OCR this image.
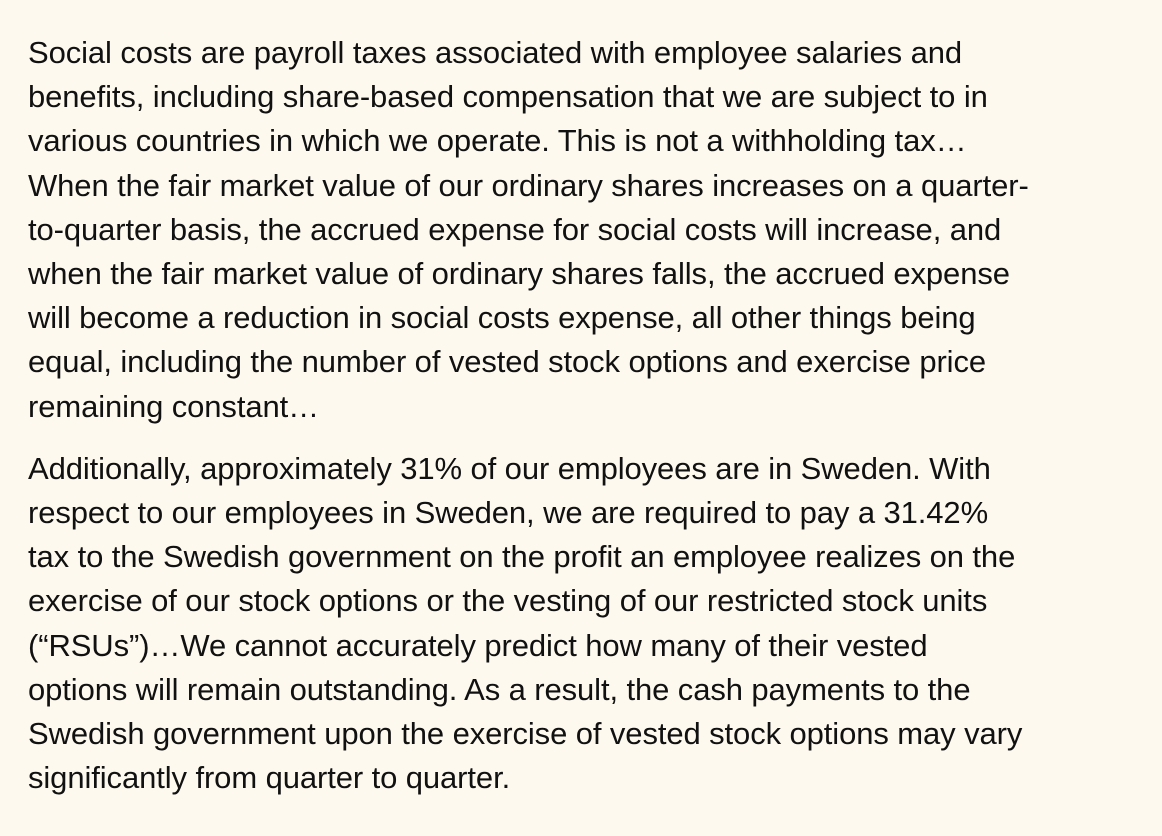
Social costs are payroll taxes associated with employee salaries and
benefits, including share-based compensation that we are subject to in
various countries in which we operate. This is not a withholding tax…
When the fair market value of our ordinary shares increases on a quarter-
to-quarter basis, the accrued expense for social costs will increase, and
when the fair market value of ordinary shares falls, the accrued expense
will become a reduction in social costs expense, all other things being
equal, including the number of vested stock options and exercise price
remaining constant…

Additionally, approximately 31% of our employees are in Sweden. With
respect to our employees in Sweden, we are required to pay a 31.42%
tax to the Swedish government on the profit an employee realizes on the
exercise of our stock options or the vesting of our restricted stock units
(“RSUs”)…We cannot accurately predict how many of their vested
options will remain outstanding. As a result, the cash payments to the
Swedish government upon the exercise of vested stock options may vary
significantly from quarter to quarter.
